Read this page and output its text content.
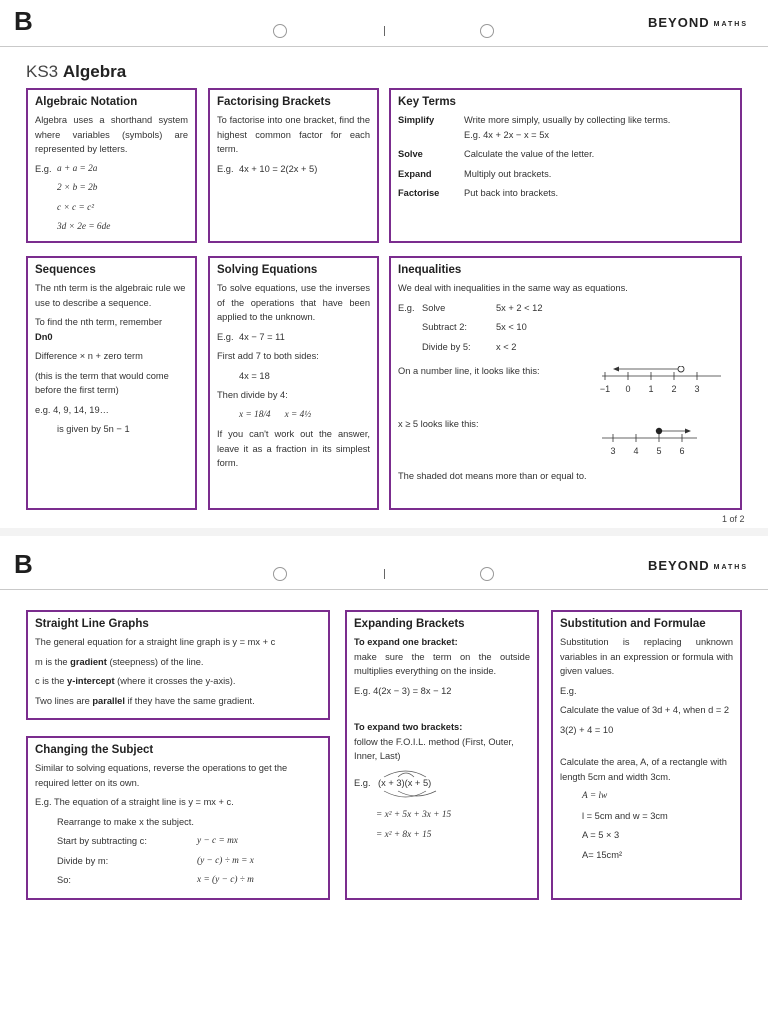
B	BEYOND MATHS
KS3 Algebra
Algebraic Notation

Algebra uses a shorthand system where variables (symbols) are represented by letters.

E.g. a + a = 2a
2 × b = 2b
c × c = c²
3d × 2e = 6de
Factorising Brackets

To factorise into one bracket, find the highest common factor for each term.

E.g. 4x + 10 = 2(2x + 5)
Key Terms
Simplify	Write more simply, usually by collecting like terms.
E.g. 4x + 2x − x = 5x
Solve	Calculate the value of the letter.
Expand	Multiply out brackets.
Factorise	Put back into brackets.
Sequences

The nth term is the algebraic rule we use to describe a sequence.

To find the nth term, remember

Dn0

Difference × n + zero term

(this is the term that would come before the first term)

e.g. 4, 9, 14, 19…

is given by 5n − 1

Solving Equations

To solve equations, use the inverses of the operations that have been applied to the unknown.

E.g. 4x − 7 = 11

First add 7 to both sides:

4x = 18

Then divide by 4:

x = 18/4 x = 4½

If you can't work out the answer, leave it as a fraction in its simplest form.

Inequalities

We deal with inequalities in the same way as equations.

E.g. Solve	5x + 2 < 12
Subtract 2:	5x < 10
Divide by 5:	x < 2

On a number line, it looks like this:

−1 0 1 2 3

x ≥ 5 looks like this:

3 4 5 6

The shaded dot means more than or equal to.

1 of 2
B	BEYOND MATHS
Straight Line Graphs

The general equation for a straight line graph is y = mx + c

m is the gradient (steepness) of the line.

c is the y-intercept (where it crosses the y-axis).

Two lines are parallel if they have the same gradient.

Changing the Subject

Similar to solving equations, reverse the operations to get the required letter on its own.

E.g. The equation of a straight line is y = mx + c.

Rearrange to make x the subject.

Start by subtracting c:	y − c = mx
Divide by m:	(y − c) ÷ m = x
So:	x = (y − c) ÷ m
Expanding Brackets

To expand one bracket:

make sure the term on the outside multiplies everything on the inside.

E.g. 4(2x − 3) = 8x − 12

To expand two brackets:

follow the F.O.I.L. method (First, Outer, Inner, Last)

E.g. (x + 3)(x + 5)

= x² + 5x + 3x + 15

= x² + 8x + 15

Substitution and Formulae

Substitution is replacing unknown variables in an expression or formula with given values.

E.g.

Calculate the value of 3d + 4, when d = 2

3(2) + 4 = 10

Calculate the area, A, of a rectangle with length 5cm and width 3cm.

A = lw

l = 5cm and w = 3cm

A = 5 × 3

A= 15cm²
